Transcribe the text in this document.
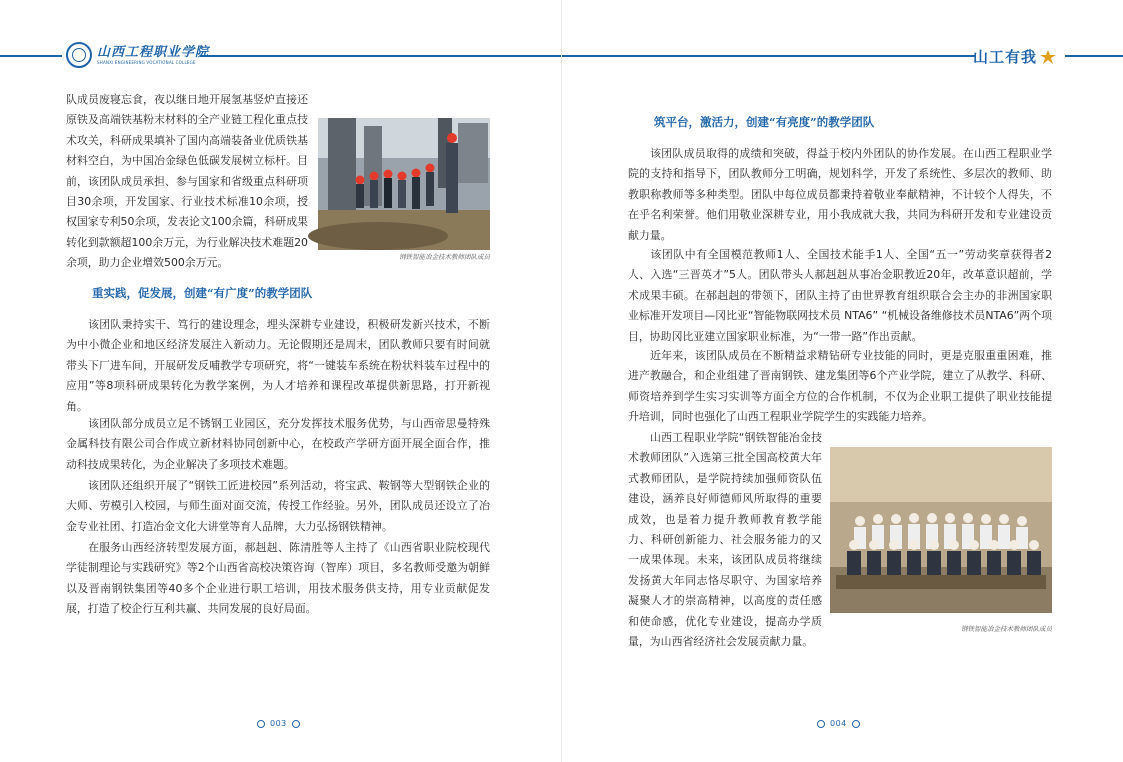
山西工程职业学院
SHANXI ENGINEERING VOCATIONAL COLLEGE

队成员废寝忘食，夜以继日地开展氢基竖炉直接还原铁及高端铁基粉末材料的全产业链工程化重点技术攻关，科研成果填补了国内高端装备业优质铁基材料空白，为中国冶金绿色低碳发展树立标杆。目前，该团队成员承担、参与国家和省级重点科研项目30余项，开发国家、行业技术标准10余项，授权国家专利50余项，发表论文100余篇，科研成果转化到款额超100余万元，为行业解决技术难题20余项，助力企业增效500余万元。	钢铁智能冶金技术教师团队成员

重实践，促发展，创建“有广度”的教学团队

该团队秉持实干、笃行的建设理念，埋头深耕专业建设，积极研发新兴技术，不断为中小微企业和地区经济发展注入新动力。无论假期还是周末，团队教师只要有时间就带头下厂进车间，开展研发反哺教学专项研究，将“一键装车系统在粉状料装车过程中的应用”等8项科研成果转化为教学案例，为人才培养和课程改革提供新思路，打开新视角。

该团队部分成员立足不锈钢工业园区，充分发挥技术服务优势，与山西帝思曼特殊金属科技有限公司合作成立新材料协同创新中心，在校政产学研方面开展全面合作，推动科技成果转化，为企业解决了多项技术难题。

该团队还组织开展了“钢铁工匠进校园”系列活动，将宝武、鞍钢等大型钢铁企业的大师、劳模引入校园，与师生面对面交流，传授工作经验。另外，团队成员还设立了冶金专业社团、打造冶金文化大讲堂等育人品牌，大力弘扬钢铁精神。

在服务山西经济转型发展方面，郝赳赳、陈清胜等人主持了《山西省职业院校现代学徒制理论与实践研究》等2个山西省高校决策咨询（智库）项目，多名教师受邀为朝鲜以及晋南钢铁集团等40多个企业进行职工培训，用技术服务供支持，用专业贡献促发展，打造了校企行互利共赢、共同发展的良好局面。

003
山工有我

筑平台，激活力，创建“有亮度”的教学团队

该团队成员取得的成绩和突破，得益于校内外团队的协作发展。在山西工程职业学院的支持和指导下，团队教师分工明确，规划科学，开发了系统性、多层次的教师、助教职称教师等多种类型。团队中每位成员都秉持着敬业奉献精神，不计较个人得失，不在乎名利荣誉。他们用敬业深耕专业，用小我成就大我，共同为科研开发和专业建设贡献力量。

该团队中有全国模范教师1人、全国技术能手1人、全国“五一”劳动奖章获得者2人、入选“三晋英才”5人。团队带头人郝赳赳从事冶金职教近20年，改革意识超前，学术成果丰硕。在郝赳赳的带领下，团队主持了由世界教育组织联合会主办的非洲国家职业标准开发项目—冈比亚“智能物联网技术员 NTA6” “机械设备维修技术员NTA6”两个项目，协助冈比亚建立国家职业标准，为“一带一路”作出贡献。

近年来，该团队成员在不断精益求精钻研专业技能的同时，更是克服重重困难，推进产教融合，和企业组建了晋南钢铁、建龙集团等6个产业学院，建立了从教学、科研、师资培养到学生实习实训等方面全方位的合作机制，不仅为企业职工提供了职业技能提升培训，同时也强化了山西工程职业学院学生的实践能力培养。

山西工程职业学院“钢铁智能冶金技术教师团队”入选第三批全国高校黄大年式教师团队，是学院持续加强师资队伍建设，涵养良好师德师风所取得的重要成效，也是着力提升教师教育教学能力、科研创新能力、社会服务能力的又一成果体现。未来，该团队成员将继续发扬黄大年同志恪尽职守、为国家培养凝聚人才的崇高精神，以高度的责任感和使命感，优化专业建设，提高办学质量，为山西省经济社会发展贡献力量。

钢铁智能冶金技术教师团队成员

004
